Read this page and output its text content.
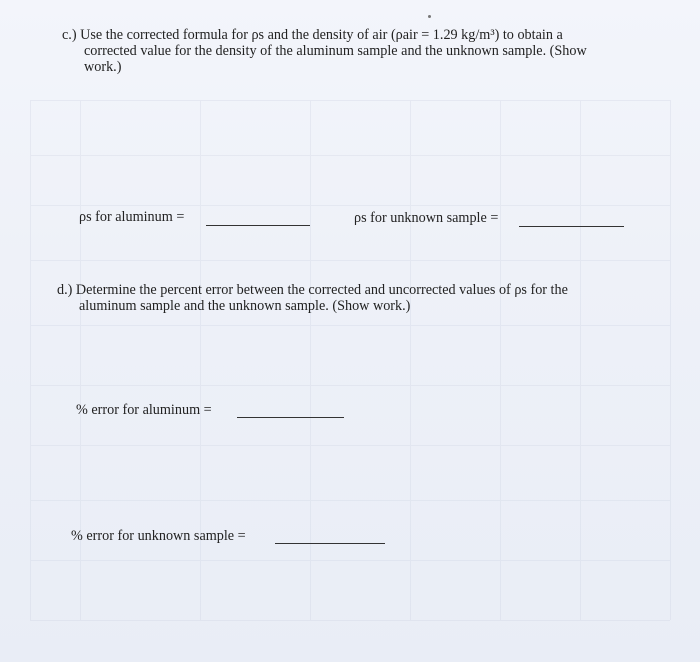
c.) Use the corrected formula for ρs and the density of air (ρair = 1.29 kg/m³) to obtain a
corrected value for the density of the aluminum sample and the unknown sample. (Show
work.)
ρs for aluminum =	ρs for unknown sample =
d.) Determine the percent error between the corrected and uncorrected values of ρs for the
aluminum sample and the unknown sample. (Show work.)
% error for aluminum =
% error for unknown sample =
